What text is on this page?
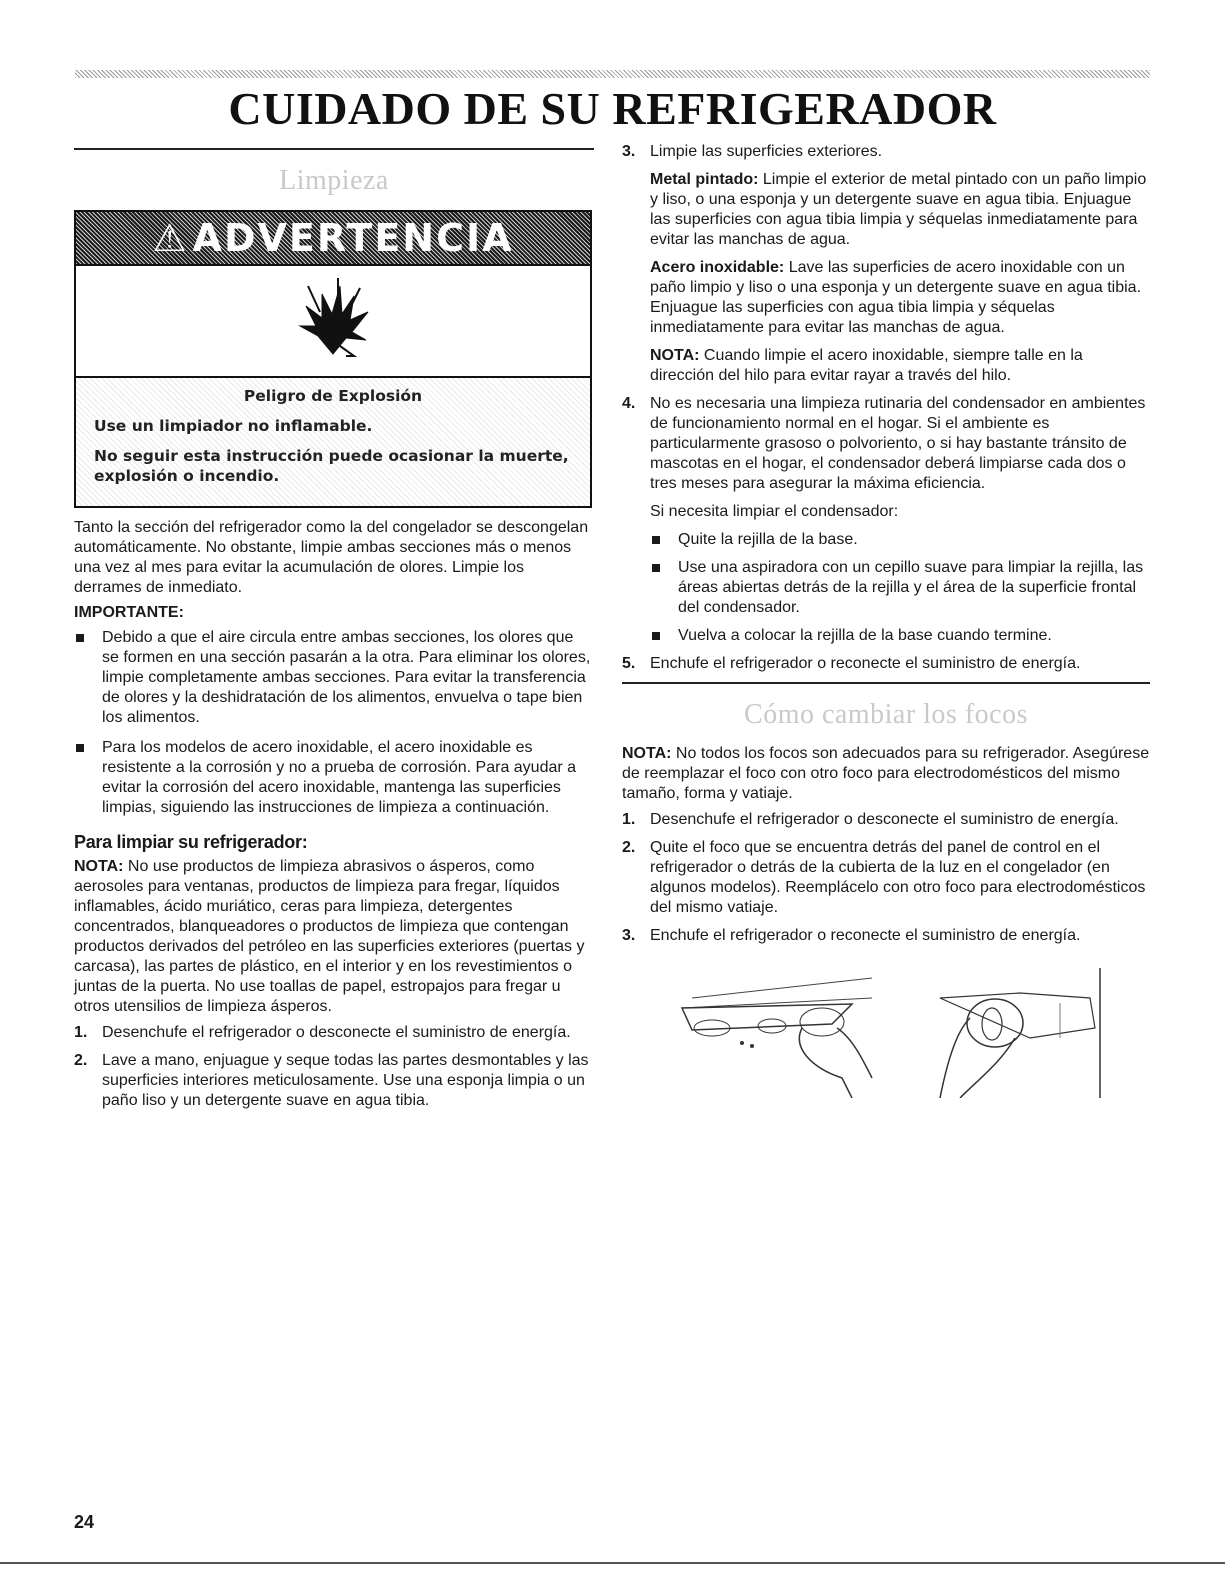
CUIDADO DE SU REFRIGERADOR
Limpieza
⚠ ADVERTENCIA
Peligro de Explosión

Use un limpiador no inflamable.

No seguir esta instrucción puede ocasionar la muerte, explosión o incendio.

Tanto la sección del refrigerador como la del congelador se descongelan automáticamente. No obstante, limpie ambas secciones más o menos una vez al mes para evitar la acumulación de olores. Limpie los derrames de inmediato.

IMPORTANTE:
Debido a que el aire circula entre ambas secciones, los olores que se formen en una sección pasarán a la otra. Para eliminar los olores, limpie completamente ambas secciones. Para evitar la transferencia de olores y la deshidratación de los alimentos, envuelva o tape bien los alimentos.
Para los modelos de acero inoxidable, el acero inoxidable es resistente a la corrosión y no a prueba de corrosión. Para ayudar a evitar la corrosión del acero inoxidable, mantenga las superficies limpias, siguiendo las instrucciones de limpieza a continuación.
Para limpiar su refrigerador:

NOTA: No use productos de limpieza abrasivos o ásperos, como aerosoles para ventanas, productos de limpieza para fregar, líquidos inflamables, ácido muriático, ceras para limpieza, detergentes concentrados, blanqueadores o productos de limpieza que contengan productos derivados del petróleo en las superficies exteriores (puertas y carcasa), las partes de plástico, en el interior y en los revestimientos o juntas de la puerta. No use toallas de papel, estropajos para fregar u otros utensilios de limpieza ásperos.

1. Desenchufe el refrigerador o desconecte el suministro de energía.
2. Lave a mano, enjuague y seque todas las partes desmontables y las superficies interiores meticulosamente. Use una esponja limpia o un paño liso y un detergente suave en agua tibia.
3. Limpie las superficies exteriores.

Metal pintado: Limpie el exterior de metal pintado con un paño limpio y liso, o una esponja y un detergente suave en agua tibia. Enjuague las superficies con agua tibia limpia y séquelas inmediatamente para evitar las manchas de agua.

Acero inoxidable: Lave las superficies de acero inoxidable con un paño limpio y liso o una esponja y un detergente suave en agua tibia. Enjuague las superficies con agua tibia limpia y séquelas inmediatamente para evitar las manchas de agua.

NOTA: Cuando limpie el acero inoxidable, siempre talle en la dirección del hilo para evitar rayar a través del hilo.

4. No es necesaria una limpieza rutinaria del condensador en ambientes de funcionamiento normal en el hogar. Si el ambiente es particularmente grasoso o polvoriento, o si hay bastante tránsito de mascotas en el hogar, el condensador deberá limpiarse cada dos o tres meses para asegurar la máxima eficiencia.

Si necesita limpiar el condensador:

Quite la rejilla de la base.
Use una aspiradora con un cepillo suave para limpiar la rejilla, las áreas abiertas detrás de la rejilla y el área de la superficie frontal del condensador.
Vuelva a colocar la rejilla de la base cuando termine.
5. Enchufe el refrigerador o reconecte el suministro de energía.
Cómo cambiar los focos

NOTA: No todos los focos son adecuados para su refrigerador. Asegúrese de reemplazar el foco con otro foco para electrodomésticos del mismo tamaño, forma y vatiaje.

1. Desenchufe el refrigerador o desconecte el suministro de energía.
2. Quite el foco que se encuentra detrás del panel de control en el refrigerador o detrás de la cubierta de la luz en el congelador (en algunos modelos). Reemplácelo con otro foco para electrodomésticos del mismo vatiaje.
3. Enchufe el refrigerador o reconecte el suministro de energía.
24
